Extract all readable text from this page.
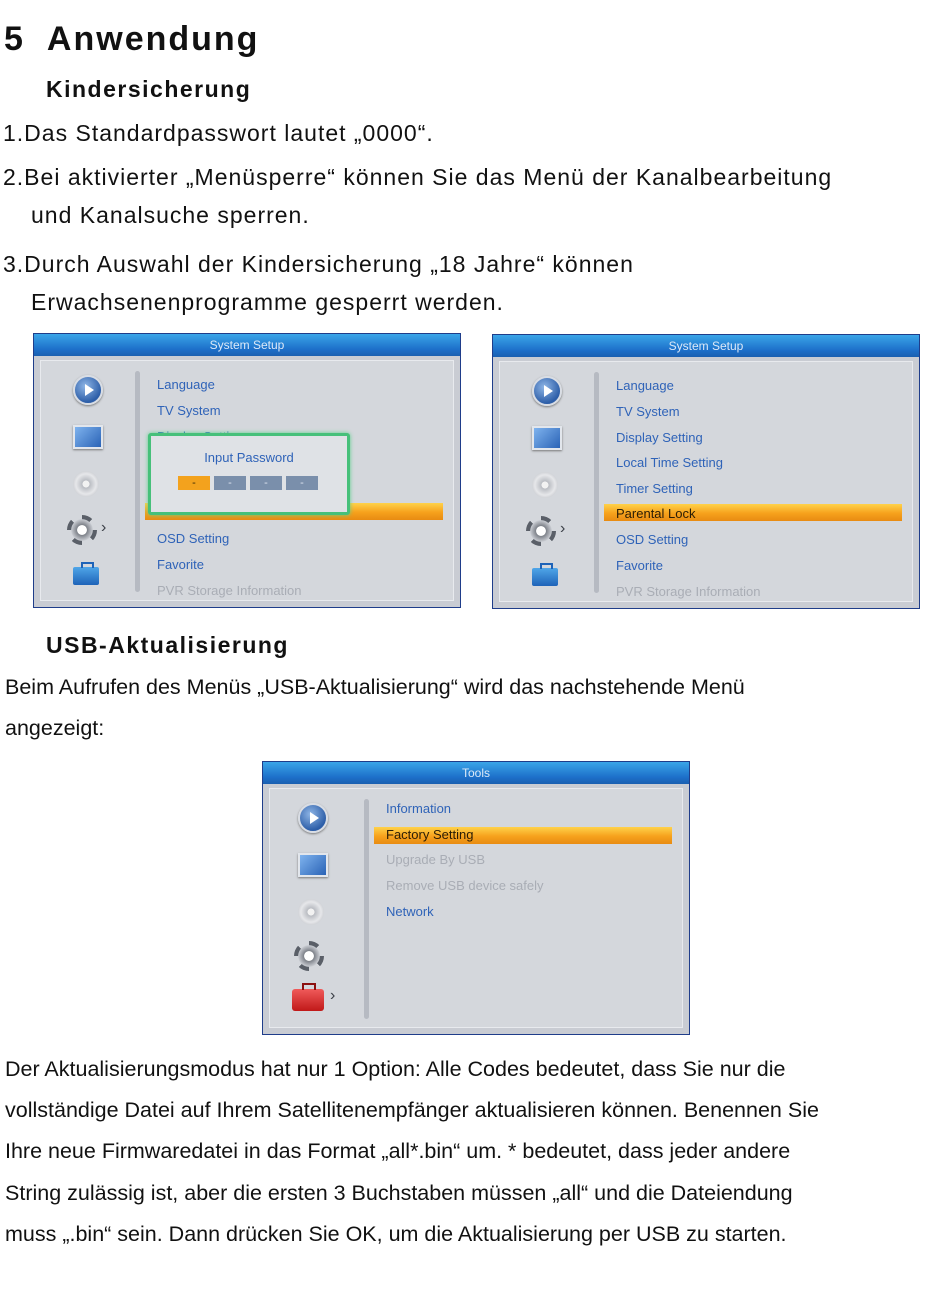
5 Anwendung
Kindersicherung
1.Das Standardpasswort lautet „0000“.
2.Bei aktivierter „Menüsperre“ können Sie das Menü der Kanalbearbeitung
und Kanalsuche sperren.
3.Durch Auswahl der Kindersicherung „18 Jahre“ können
Erwachsenenprogramme gesperrt werden.
System Setup
›
Language
TV System
OSD Setting
Favorite
PVR Storage Information
Input Password
-	-	-	-
System Setup
›
Language
TV System
Display Setting
Local Time Setting
Timer Setting
Parental Lock
OSD Setting
Favorite
PVR Storage Information
USB-Aktualisierung
Beim Aufrufen des Menüs „USB-Aktualisierung“ wird das nachstehende Menü
angezeigt:
Tools
›
Information
Factory Setting
Upgrade By USB
Remove USB device safely
Network
Der Aktualisierungsmodus hat nur 1 Option: Alle Codes bedeutet, dass Sie nur die
vollständige Datei auf Ihrem Satellitenempfänger aktualisieren können. Benennen Sie
Ihre neue Firmwaredatei in das Format „all*.bin“ um. * bedeutet, dass jeder andere
String zulässig ist, aber die ersten 3 Buchstaben müssen „all“ und die Dateiendung
muss „.bin“ sein. Dann drücken Sie OK, um die Aktualisierung per USB zu starten.
